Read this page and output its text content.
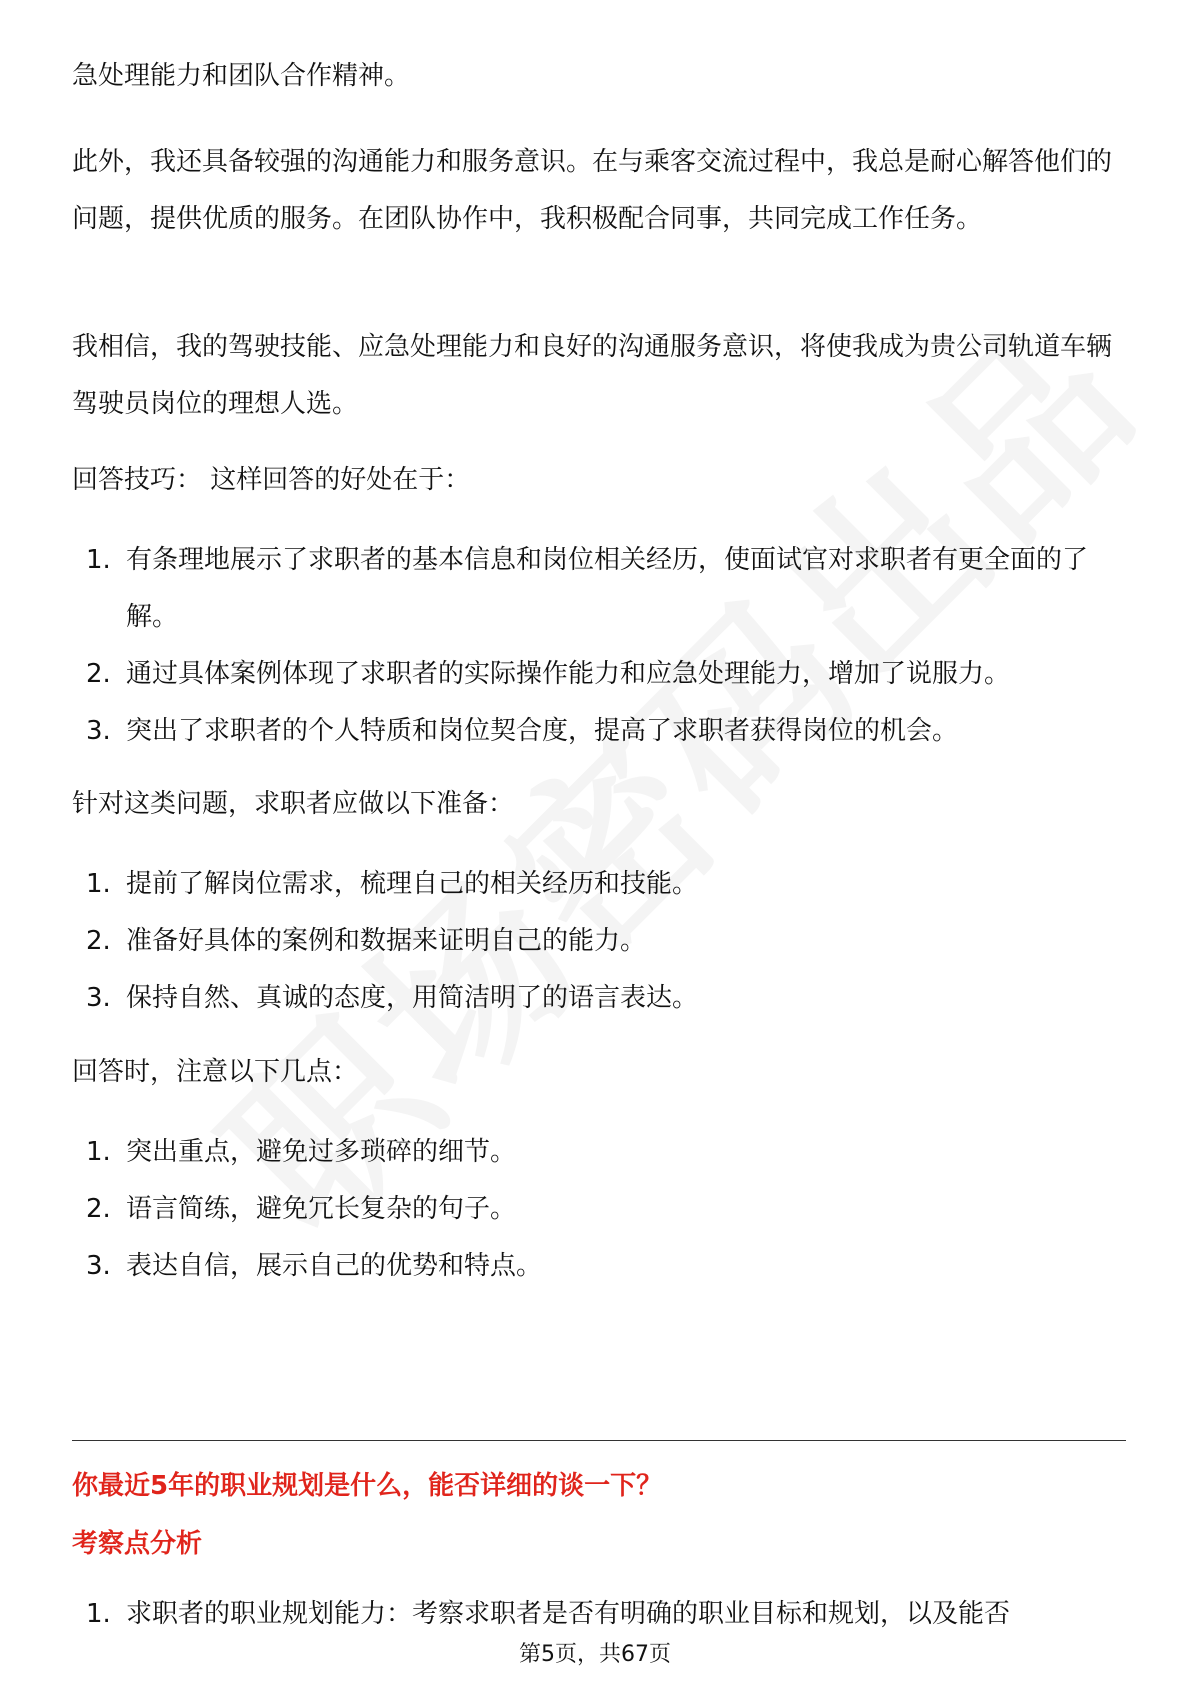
急处理能力和团队合作精神。

此外，我还具备较强的沟通能力和服务意识。在与乘客交流过程中，我总是耐心解答他们的问题，提供优质的服务。在团队协作中，我积极配合同事，共同完成工作任务。

我相信，我的驾驶技能、应急处理能力和良好的沟通服务意识，将使我成为贵公司轨道车辆驾驶员岗位的理想人选。

回答技巧： 这样回答的好处在于：

1. 有条理地展示了求职者的基本信息和岗位相关经历，使面试官对求职者有更全面的了解。
2. 通过具体案例体现了求职者的实际操作能力和应急处理能力，增加了说服力。
3. 突出了求职者的个人特质和岗位契合度，提高了求职者获得岗位的机会。

针对这类问题，求职者应做以下准备：

1. 提前了解岗位需求，梳理自己的相关经历和技能。
2. 准备好具体的案例和数据来证明自己的能力。
3. 保持自然、真诚的态度，用简洁明了的语言表达。

回答时，注意以下几点：

1. 突出重点，避免过多琐碎的细节。
2. 语言简练，避免冗长复杂的句子。
3. 表达自信，展示自己的优势和特点。
你最近5年的职业规划是什么，能否详细的谈一下？
考察点分析
1. 求职者的职业规划能力：考察求职者是否有明确的职业目标和规划，以及能否
第5页，共67页
